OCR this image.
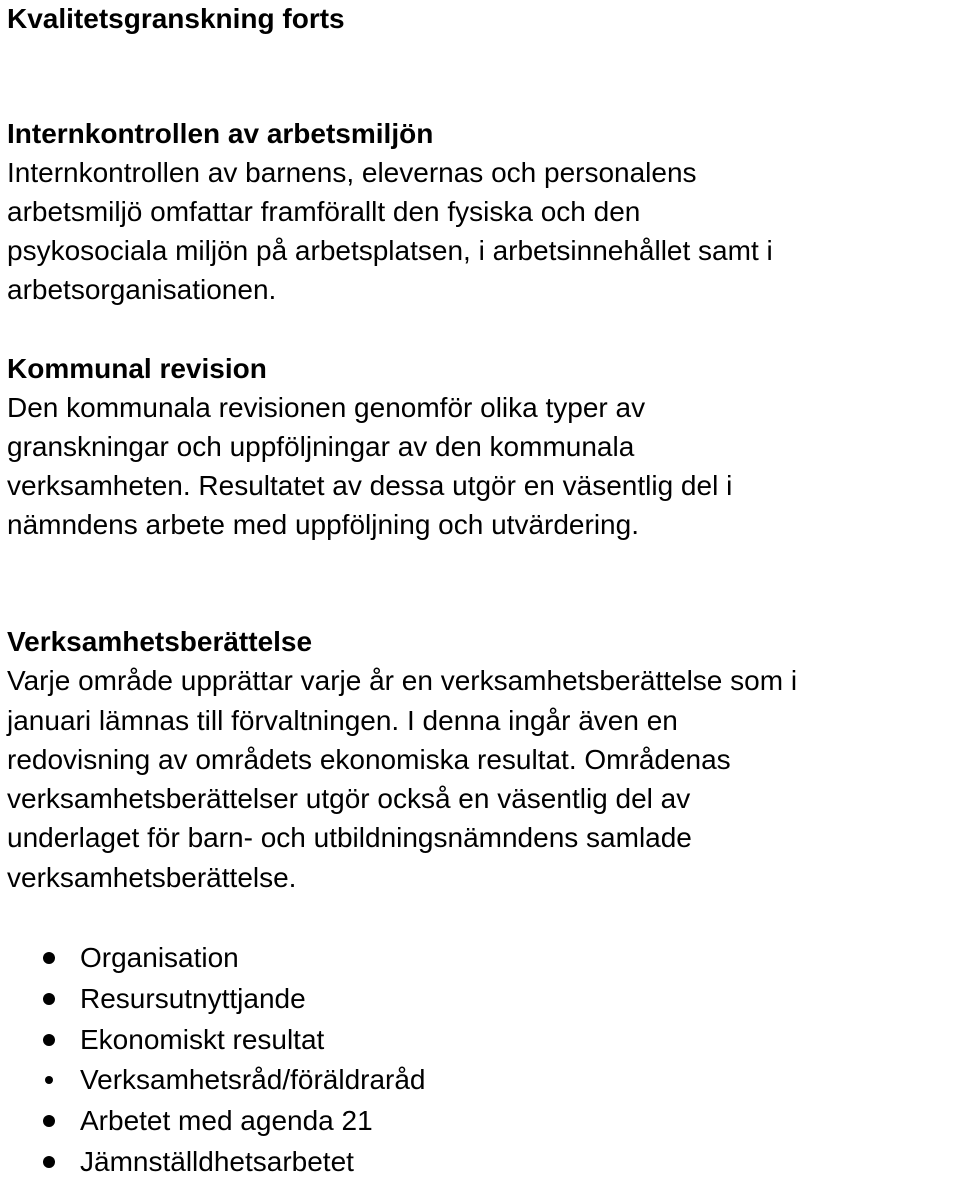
Kvalitetsgranskning forts
Internkontrollen av arbetsmiljön
Internkontrollen av barnens, elevernas och personalens
arbetsmiljö omfattar framförallt den fysiska och den
psykosociala miljön på arbetsplatsen, i arbetsinnehållet samt i
arbetsorganisationen.
Kommunal revision
Den kommunala revisionen genomför olika typer av
granskningar och uppföljningar av den kommunala
verksamheten. Resultatet av dessa utgör en väsentlig del i
nämndens arbete med uppföljning och utvärdering.
Verksamhetsberättelse
Varje område upprättar varje år en verksamhetsberättelse som i
januari lämnas till förvaltningen. I denna ingår även en
redovisning av områdets ekonomiska resultat. Områdenas
verksamhetsberättelser utgör också en väsentlig del av
underlaget för barn- och utbildningsnämndens samlade
verksamhetsberättelse.
Organisation
Resursutnyttjande
Ekonomiskt resultat
Verksamhetsråd/föräldraråd
Arbetet med agenda 21
Jämnställdhetsarbetet
